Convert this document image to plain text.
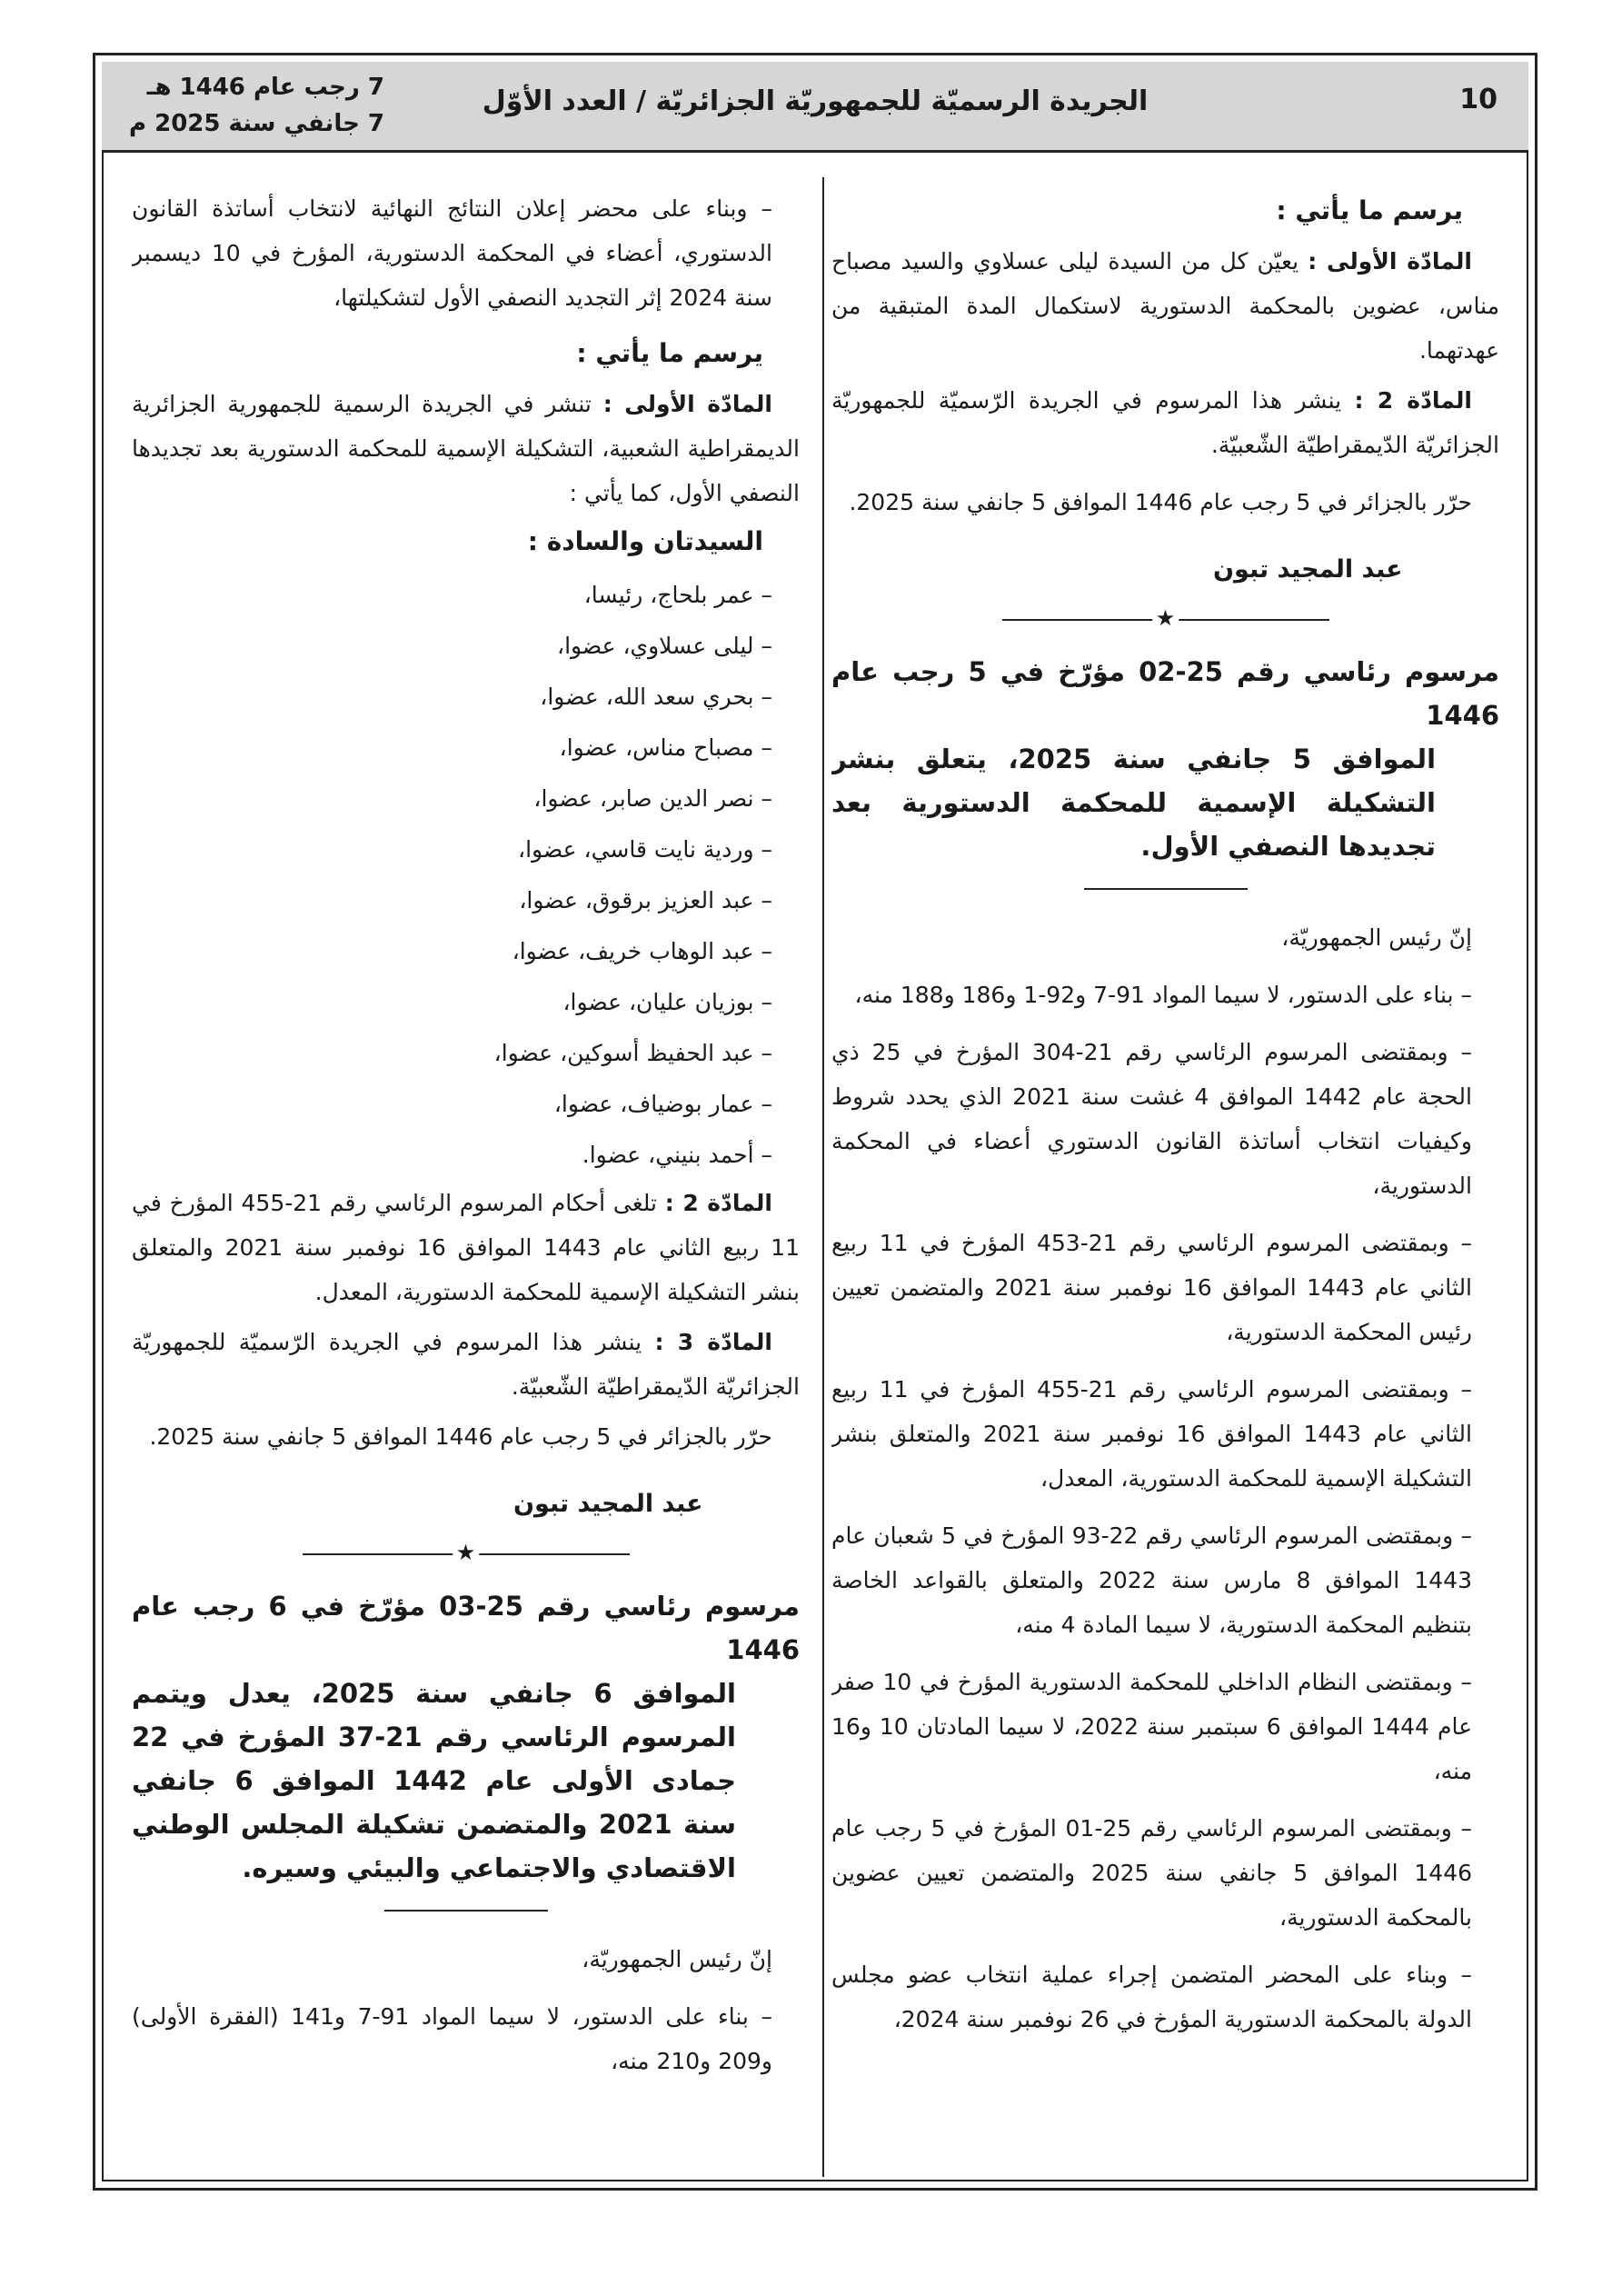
10
الجريدة الرسميّة للجمهوريّة الجزائريّة / العدد الأوّل
7 رجب عام 1446 هـ
7 جانفي سنة 2025 م

يرسم ما يأتي :

المادّة الأولى : يعيّن كل من السيدة ليلى عسلاوي والسيد مصباح مناس، عضوين بالمحكمة الدستورية لاستكمال المدة المتبقية من عهدتهما.

المادّة 2 : ينشر هذا المرسوم في الجريدة الرّسميّة للجمهوريّة الجزائريّة الدّيمقراطيّة الشّعبيّة.

حرّر بالجزائر في 5 رجب عام 1446 الموافق 5 جانفي سنة 2025.

عبد المجيد تبون

★
مرسوم رئاسي رقم 25-02 مؤرّخ في 5 رجب عام 1446
الموافق 5 جانفي سنة 2025، يتعلق بنشر التشكيلة الإسمية للمحكمة الدستورية بعد تجديدها النصفي الأول.

إنّ رئيس الجمهوريّة،

– بناء على الدستور، لا سيما المواد 91-7 و92-1 و186 و188 منه،

– وبمقتضى المرسوم الرئاسي رقم 21-304 المؤرخ في 25 ذي الحجة عام 1442 الموافق 4 غشت سنة 2021 الذي يحدد شروط وكيفيات انتخاب أساتذة القانون الدستوري أعضاء في المحكمة الدستورية،

– وبمقتضى المرسوم الرئاسي رقم 21-453 المؤرخ في 11 ربيع الثاني عام 1443 الموافق 16 نوفمبر سنة 2021 والمتضمن تعيين رئيس المحكمة الدستورية،

– وبمقتضى المرسوم الرئاسي رقم 21-455 المؤرخ في 11 ربيع الثاني عام 1443 الموافق 16 نوفمبر سنة 2021 والمتعلق بنشر التشكيلة الإسمية للمحكمة الدستورية، المعدل،

– وبمقتضى المرسوم الرئاسي رقم 22-93 المؤرخ في 5 شعبان عام 1443 الموافق 8 مارس سنة 2022 والمتعلق بالقواعد الخاصة بتنظيم المحكمة الدستورية، لا سيما المادة 4 منه،

– وبمقتضى النظام الداخلي للمحكمة الدستورية المؤرخ في 10 صفر عام 1444 الموافق 6 سبتمبر سنة 2022، لا سيما المادتان 10 و16 منه،

– وبمقتضى المرسوم الرئاسي رقم 25-01 المؤرخ في 5 رجب عام 1446 الموافق 5 جانفي سنة 2025 والمتضمن تعيين عضوين بالمحكمة الدستورية،

– وبناء على المحضر المتضمن إجراء عملية انتخاب عضو مجلس الدولة بالمحكمة الدستورية المؤرخ في 26 نوفمبر سنة 2024،

– وبناء على محضر إعلان النتائج النهائية لانتخاب أساتذة القانون الدستوري، أعضاء في المحكمة الدستورية، المؤرخ في 10 ديسمبر سنة 2024 إثر التجديد النصفي الأول لتشكيلتها،

يرسم ما يأتي :

المادّة الأولى : تنشر في الجريدة الرسمية للجمهورية الجزائرية الديمقراطية الشعبية، التشكيلة الإسمية للمحكمة الدستورية بعد تجديدها النصفي الأول، كما يأتي :

السيدتان والسادة :

– عمر بلحاج، رئيسا،

– ليلى عسلاوي، عضوا،

– بحري سعد الله، عضوا،

– مصباح مناس، عضوا،

– نصر الدين صابر، عضوا،

– وردية نايت قاسي، عضوا،

– عبد العزيز برقوق، عضوا،

– عبد الوهاب خريف، عضوا،

– بوزيان عليان، عضوا،

– عبد الحفيظ أسوكين، عضوا،

– عمار بوضياف، عضوا،

– أحمد بنيني، عضوا.

المادّة 2 : تلغى أحكام المرسوم الرئاسي رقم 21-455 المؤرخ في 11 ربيع الثاني عام 1443 الموافق 16 نوفمبر سنة 2021 والمتعلق بنشر التشكيلة الإسمية للمحكمة الدستورية، المعدل.

المادّة 3 : ينشر هذا المرسوم في الجريدة الرّسميّة للجمهوريّة الجزائريّة الدّيمقراطيّة الشّعبيّة.

حرّر بالجزائر في 5 رجب عام 1446 الموافق 5 جانفي سنة 2025.

عبد المجيد تبون

★
مرسوم رئاسي رقم 25-03 مؤرّخ في 6 رجب عام 1446
الموافق 6 جانفي سنة 2025، يعدل ويتمم المرسوم الرئاسي رقم 21-37 المؤرخ في 22 جمادى الأولى عام 1442 الموافق 6 جانفي سنة 2021 والمتضمن تشكيلة المجلس الوطني الاقتصادي والاجتماعي والبيئي وسيره.

إنّ رئيس الجمهوريّة،

– بناء على الدستور، لا سيما المواد 91-7 و141 (الفقرة الأولى) و209 و210 منه،
